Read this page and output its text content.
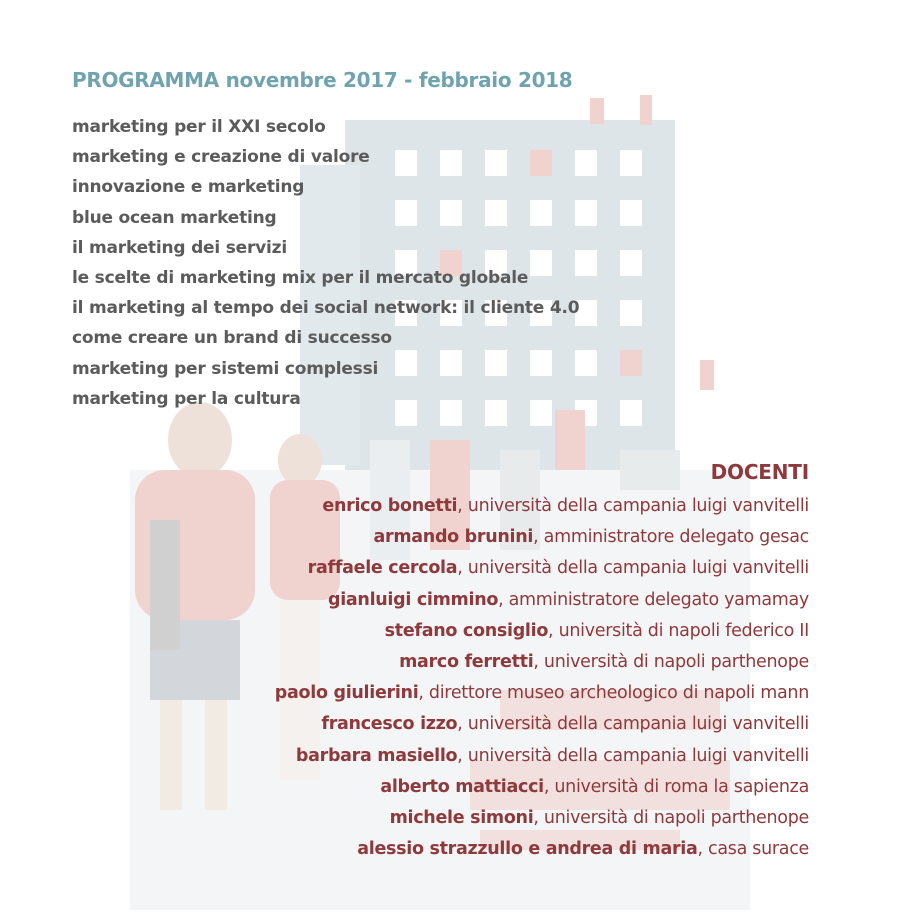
PROGRAMMA novembre 2017 - febbraio 2018
marketing per il XXI secolo
marketing e creazione di valore
innovazione e marketing
blue ocean marketing
il marketing dei servizi
le scelte di marketing mix per il mercato globale
il marketing al tempo dei social network: il cliente 4.0
come creare un brand di successo
marketing per sistemi complessi
marketing per la cultura
DOCENTI
enrico bonetti, università della campania luigi vanvitelli
armando brunini, amministratore delegato gesac
raffaele cercola, università della campania luigi vanvitelli
gianluigi cimmino, amministratore delegato yamamay
stefano consiglio, università di napoli federico II
marco ferretti, università di napoli parthenope
paolo giulierini, direttore museo archeologico di napoli mann
francesco izzo, università della campania luigi vanvitelli
barbara masiello, università della campania luigi vanvitelli
alberto mattiacci, università di roma la sapienza
michele simoni, università di napoli parthenope
alessio strazzullo e andrea di maria, casa surace
